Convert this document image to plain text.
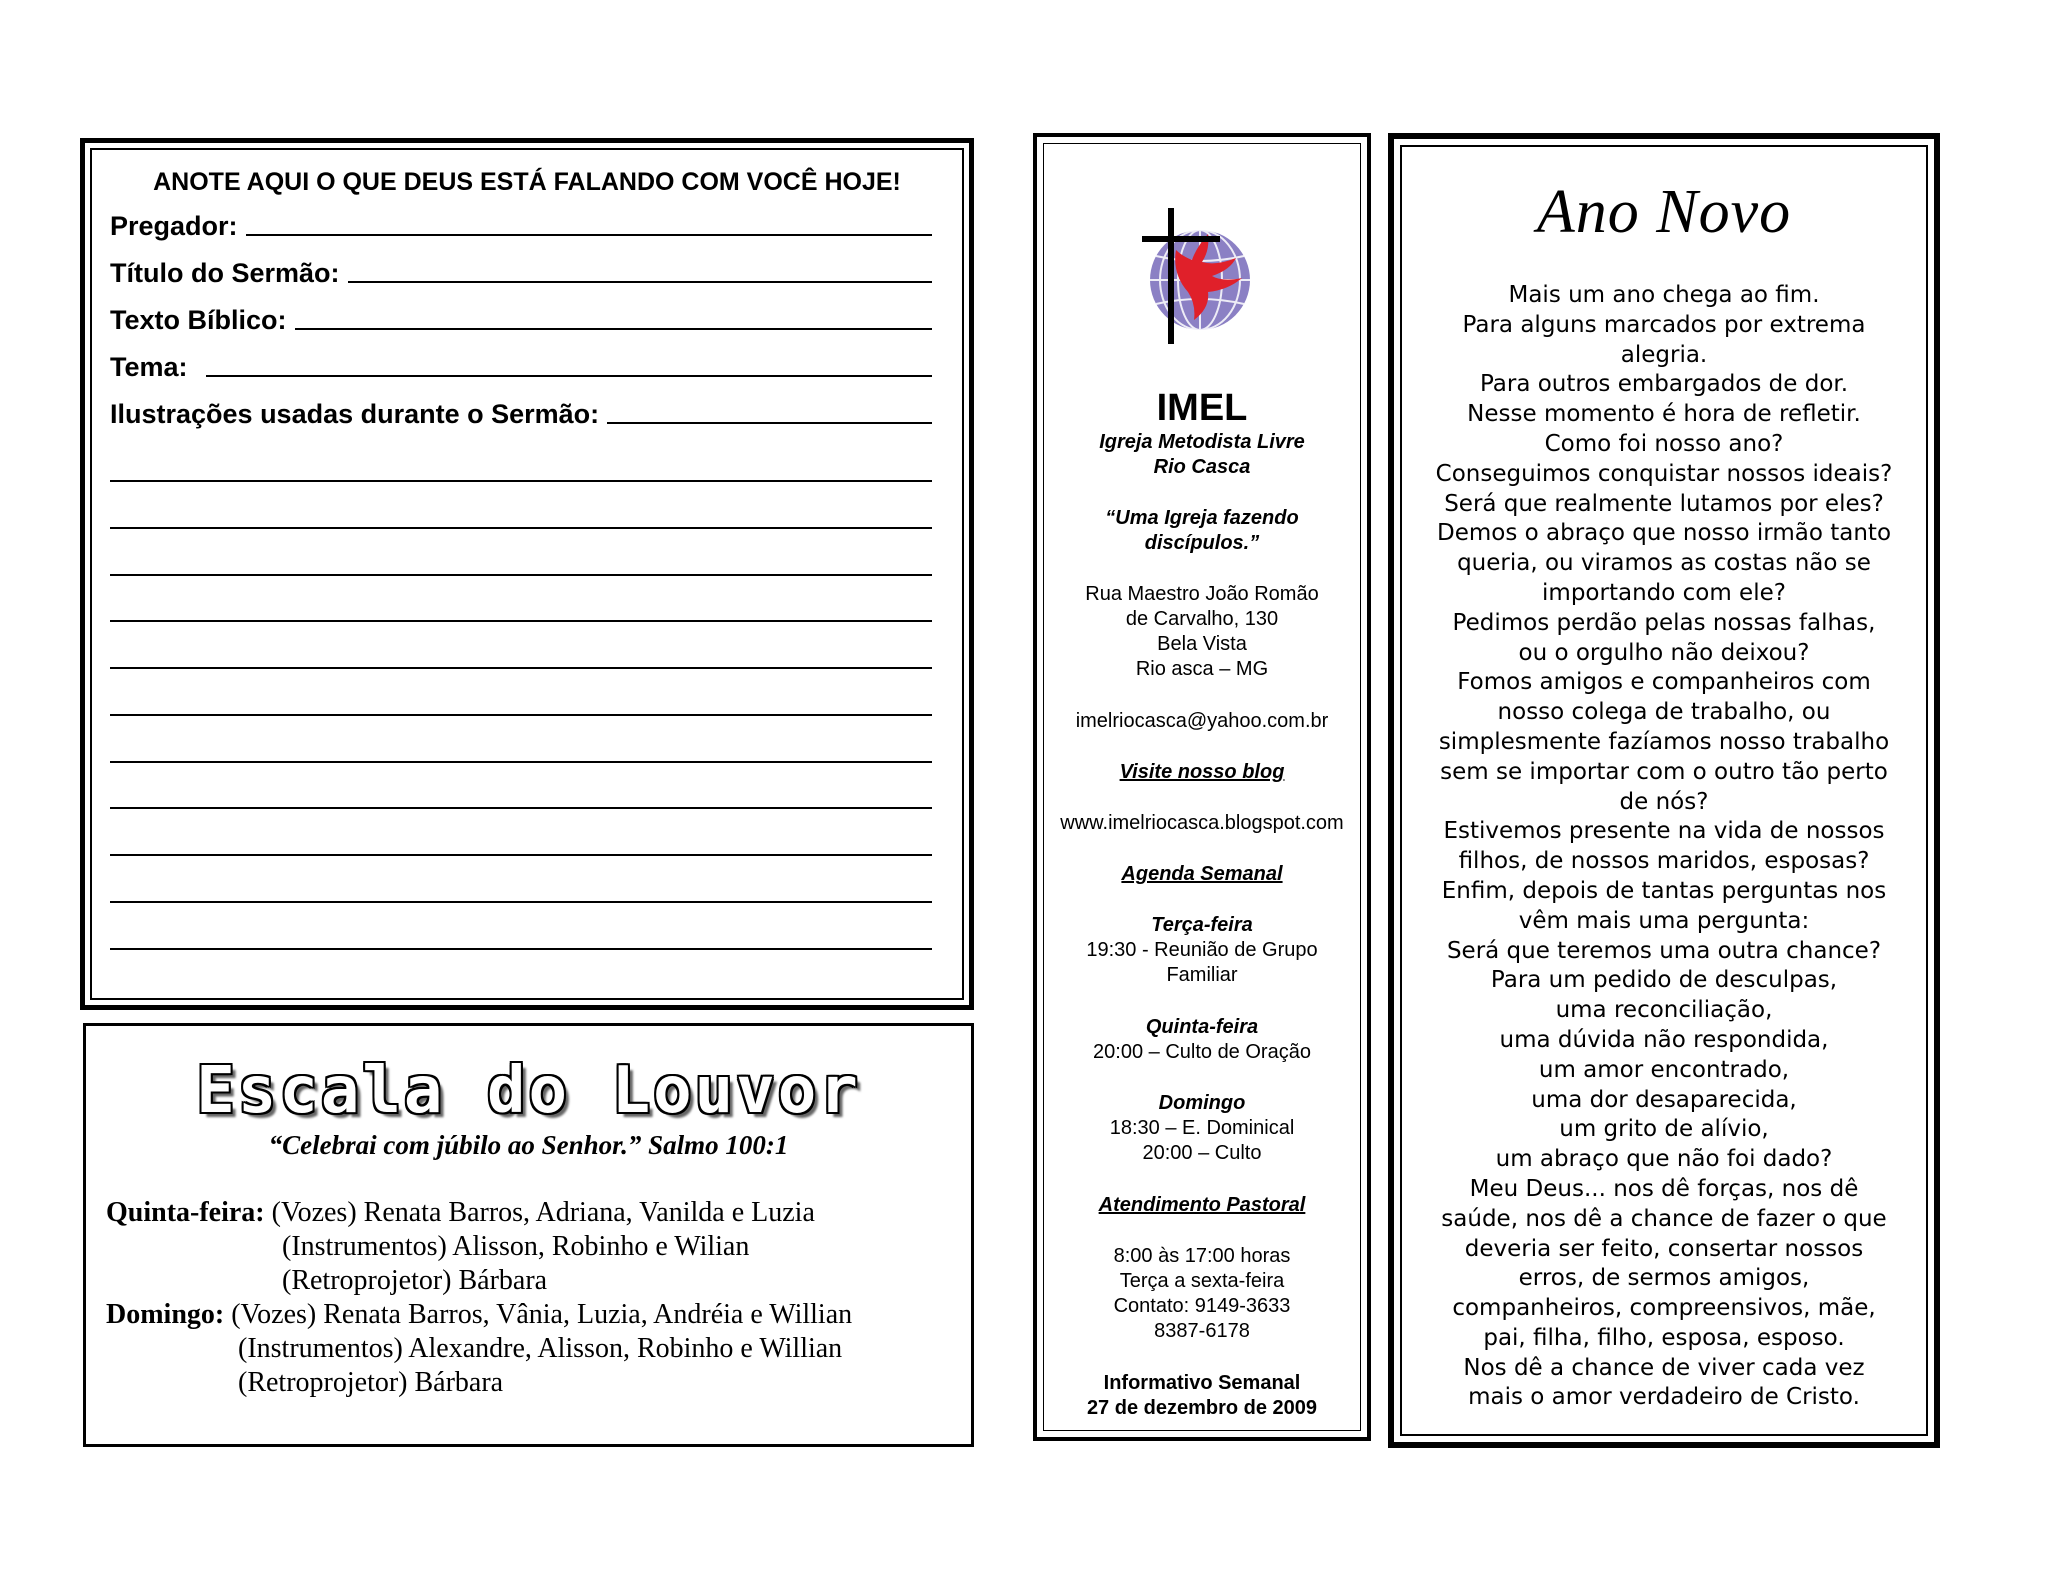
ANOTE AQUI O QUE DEUS ESTÁ FALANDO COM VOCÊ HOJE!
Pregador:
Título do Sermão:
Texto Bíblico:
Tema:
Ilustrações usadas durante o Sermão:
Escala do Louvor
“Celebrai com júbilo ao Senhor.” Salmo 100:1
Quinta-feira: (Vozes) Renata Barros, Adriana, Vanilda e Luzia
(Instrumentos) Alisson, Robinho e Wilian
(Retroprojetor) Bárbara
Domingo: (Vozes) Renata Barros, Vânia, Luzia, Andréia e Willian
(Instrumentos) Alexandre, Alisson, Robinho e Willian
(Retroprojetor) Bárbara
IMEL
Igreja Metodista Livre
Rio Casca
“Uma Igreja fazendo
discípulos.”
Rua Maestro João Romão
de Carvalho, 130
Bela Vista
Rio asca – MG
imelriocasca@yahoo.com.br
Visite nosso blog
www.imelriocasca.blogspot.com
Agenda Semanal
Terça-feira
19:30 - Reunião de Grupo
Familiar
Quinta-feira
20:00 – Culto de Oração
Domingo
18:30 – E. Dominical
20:00 – Culto
Atendimento Pastoral
8:00 às 17:00 horas
Terça a sexta-feira
Contato: 9149-3633
8387-6178
Informativo Semanal
27 de dezembro de 2009
Ano Novo
Mais um ano chega ao fim.
Para alguns marcados por extrema
alegria.
Para outros embargados de dor.
Nesse momento é hora de refletir.
Como foi nosso ano?
Conseguimos conquistar nossos ideais?
Será que realmente lutamos por eles?
Demos o abraço que nosso irmão tanto
queria, ou viramos as costas não se
importando com ele?
Pedimos perdão pelas nossas falhas,
ou o orgulho não deixou?
Fomos amigos e companheiros com
nosso colega de trabalho, ou
simplesmente fazíamos nosso trabalho
sem se importar com o outro tão perto
de nós?
Estivemos presente na vida de nossos
filhos, de nossos maridos, esposas?
Enfim, depois de tantas perguntas nos
vêm mais uma pergunta:
Será que teremos uma outra chance?
Para um pedido de desculpas,
uma reconciliação,
uma dúvida não respondida,
um amor encontrado,
uma dor desaparecida,
um grito de alívio,
um abraço que não foi dado?
Meu Deus... nos dê forças, nos dê
saúde, nos dê a chance de fazer o que
deveria ser feito, consertar nossos
erros, de sermos amigos,
companheiros, compreensivos, mãe,
pai, filha, filho, esposa, esposo.
Nos dê a chance de viver cada vez
mais o amor verdadeiro de Cristo.
